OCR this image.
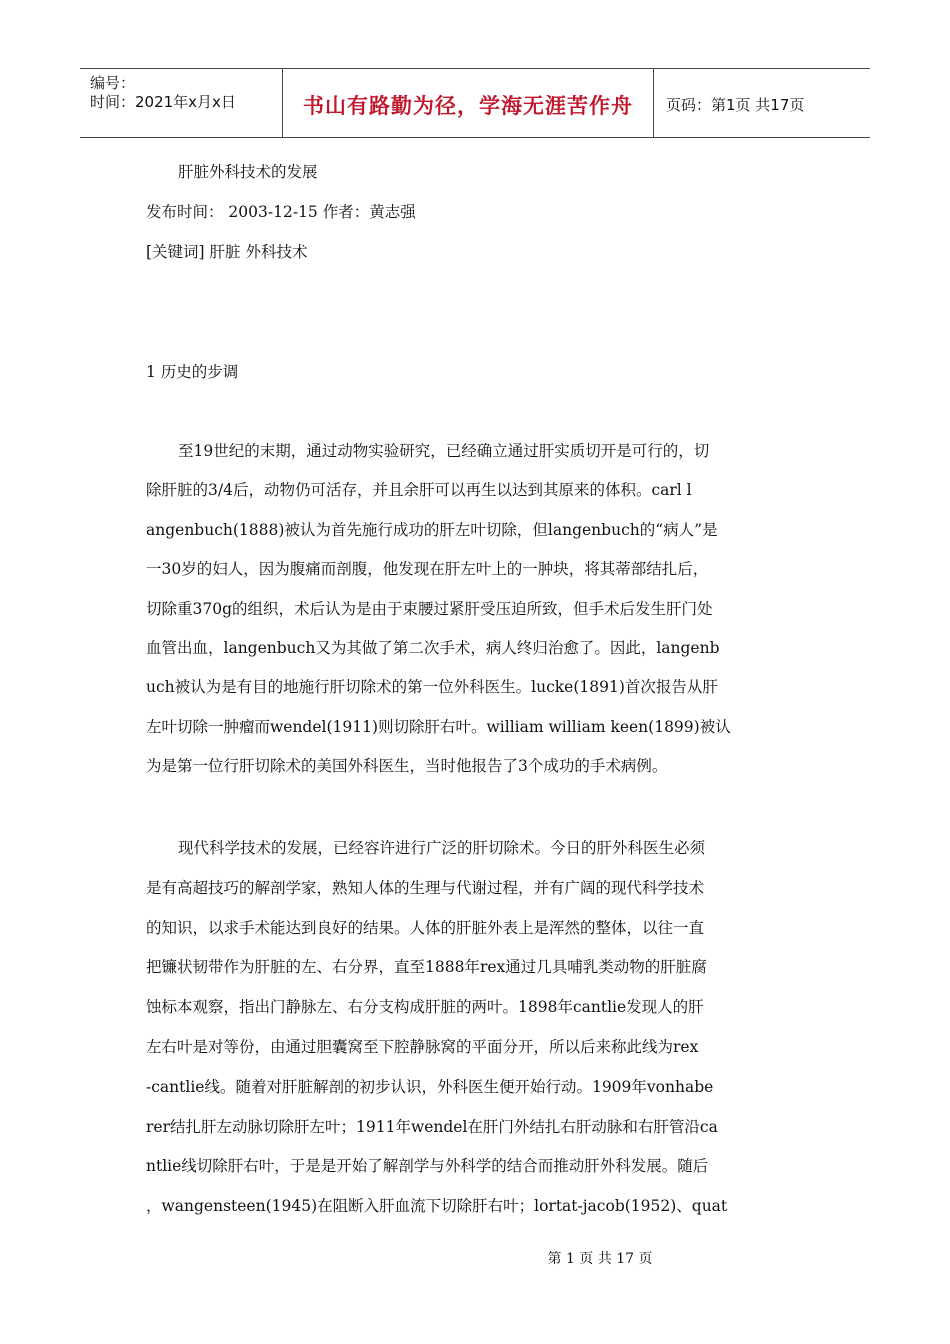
编号：
时间：2021年x月x日	书山有路勤为径，学海无涯苦作舟	页码：第1页 共17页
肝脏外科技术的发展
发布时间： 2003-12-15 作者：黄志强
[关键词] 肝脏 外科技术
1 历史的步调
至19世纪的末期，通过动物实验研究，已经确立通过肝实质切开是可行的，切
除肝脏的3/4后，动物仍可活存，并且余肝可以再生以达到其原来的体积。carl l
angenbuch(1888)被认为首先施行成功的肝左叶切除，但langenbuch的“病人”是
一30岁的妇人，因为腹痛而剖腹，他发现在肝左叶上的一肿块，将其蒂部结扎后，
切除重370g的组织，术后认为是由于束腰过紧肝受压迫所致，但手术后发生肝门处
血管出血，langenbuch又为其做了第二次手术，病人终归治愈了。因此，langenb
uch被认为是有目的地施行肝切除术的第一位外科医生。lucke(1891)首次报告从肝
左叶切除一肿瘤而wendel(1911)则切除肝右叶。william william keen(1899)被认
为是第一位行肝切除术的美国外科医生，当时他报告了3个成功的手术病例。
现代科学技术的发展，已经容许进行广泛的肝切除术。今日的肝外科医生必须
是有高超技巧的解剖学家，熟知人体的生理与代谢过程，并有广阔的现代科学技术
的知识，以求手术能达到良好的结果。人体的肝脏外表上是浑然的整体，以往一直
把镰状韧带作为肝脏的左、右分界，直至1888年rex通过几具哺乳类动物的肝脏腐
蚀标本观察，指出门静脉左、右分支构成肝脏的两叶。1898年cantlie发现人的肝
左右叶是对等份，由通过胆囊窝至下腔静脉窝的平面分开，所以后来称此线为rex
-cantlie线。随着对肝脏解剖的初步认识，外科医生便开始行动。1909年vonhabe
rer结扎肝左动脉切除肝左叶；1911年wendel在肝门外结扎右肝动脉和右肝管沿ca
ntlie线切除肝右叶，于是是开始了解剖学与外科学的结合而推动肝外科发展。随后
，wangensteen(1945)在阻断入肝血流下切除肝右叶；lortat-jacob(1952)、quat
第 1 页 共 17 页
